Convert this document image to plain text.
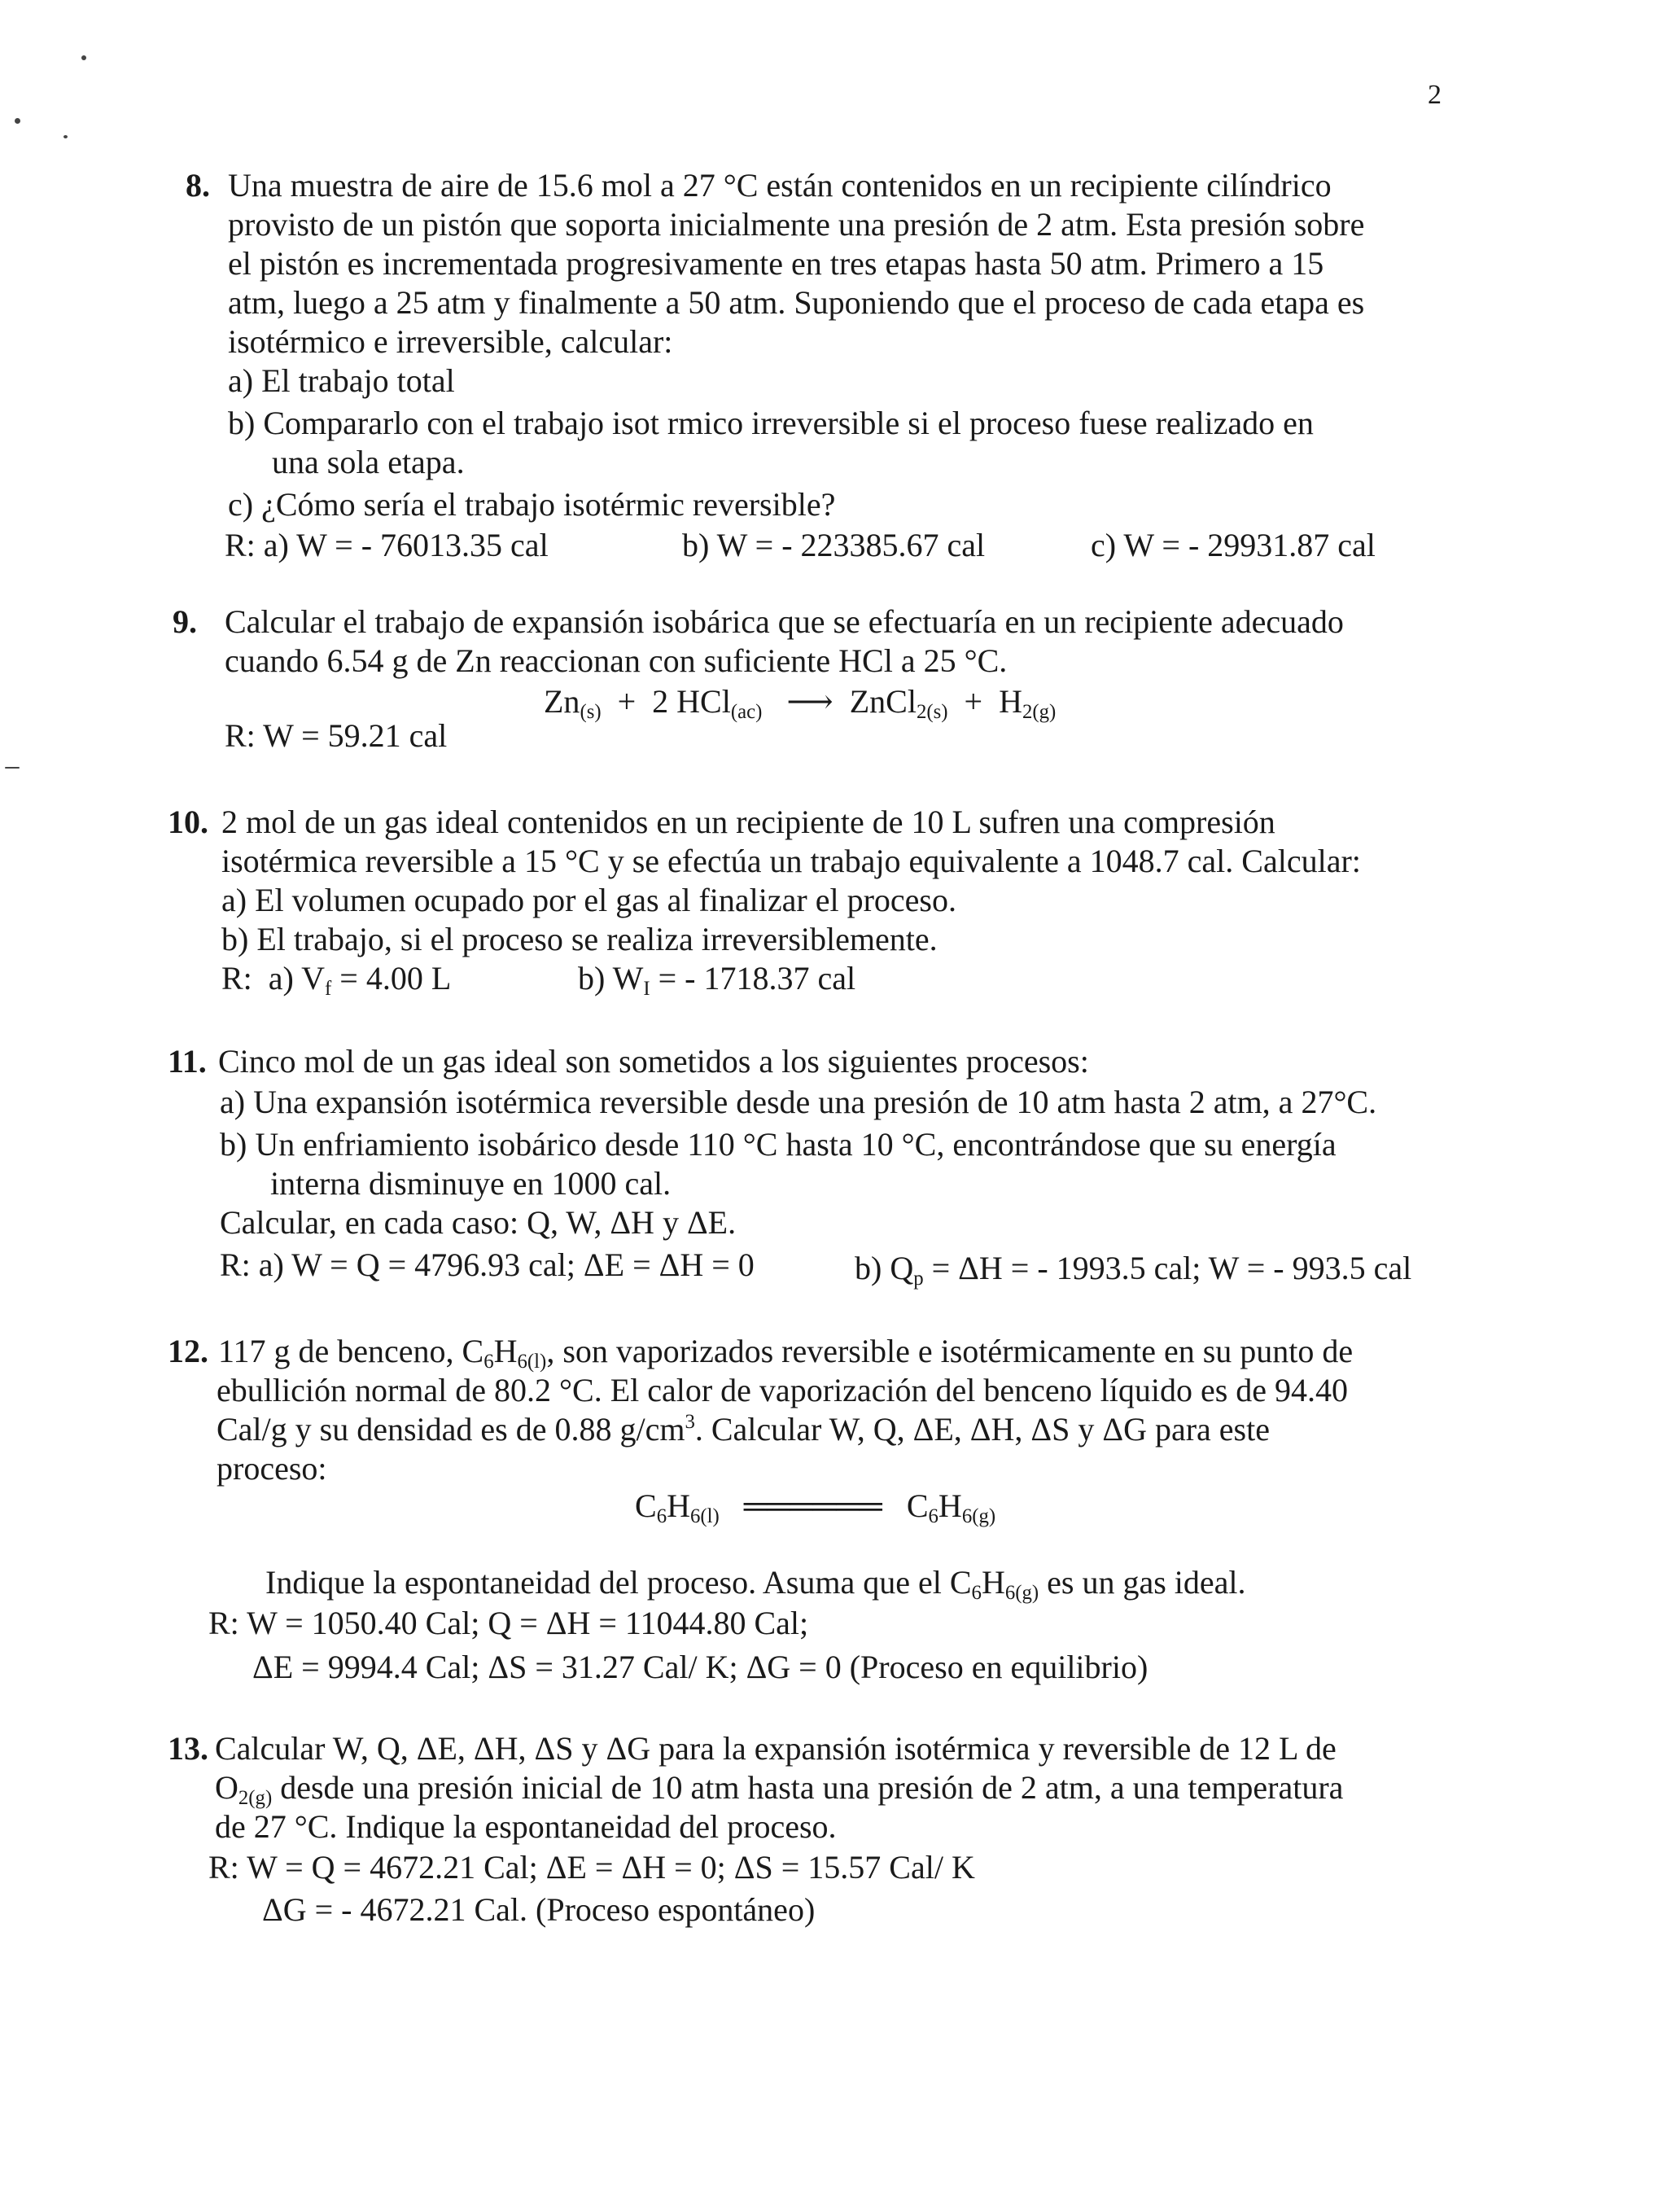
2
8. Una muestra de aire de 15.6 mol a 27 °C están contenidos en un recipiente cilíndrico
provisto de un pistón que soporta inicialmente una presión de 2 atm. Esta presión sobre
el pistón es incrementada progresivamente en tres etapas hasta 50 atm. Primero a 15
atm, luego a 25 atm y finalmente a 50 atm. Suponiendo que el proceso de cada etapa es
isotérmico e irreversible, calcular:
a) El trabajo total
b) Compararlo con el trabajo isot rmico irreversible si el proceso fuese realizado en
una sola etapa.
c) ¿Cómo sería el trabajo isotérmic reversible?
R: a) W = - 76013.35 cal	b) W = - 223385.67 cal	c) W = - 29931.87 cal
9. Calcular el trabajo de expansión isobárica que se efectuaría en un recipiente adecuado
cuando 6.54 g de Zn reaccionan con suficiente HCl a 25 °C.
$Zn_{(s)} + 2$ HCl$_{(ac)}$   ⟶  ZnCl$_{2(s)}$  +  $H_{2(g)}$
R: W = 59.21 cal
10. 2 mol de un gas ideal contenidos en un recipiente de 10 L sufren una compresión
isotérmica reversible a 15 °C y se efectúa un trabajo equivalente a 1048.7 cal. Calcular:
a) El volumen ocupado por el gas al finalizar el proceso.
b) El trabajo, si el proceso se realiza irreversiblemente.
R:  a) $V_f = 4.00$ L	b) $W_I$ = - 1718.37 cal
11. Cinco mol de un gas ideal son sometidos a los siguientes procesos:
a) Una expansión isotérmica reversible desde una presión de 10 atm hasta 2 atm, a 27°C.
b) Un enfriamiento isobárico desde 110 °C hasta 10 °C, encontrándose que su energía
interna disminuye en 1000 cal.
Calcular, en cada caso: Q, W, ΔH y ΔE.
R: a) W = Q = 4796.93 cal; ΔE = ΔH = 0	b) $Q_p = \Delta H$ = - 1993.5 cal; W = - 993.5 cal
12. 117 g de benceno, $C_6H_{6(l)}$, son vaporizados reversible e isotérmicamente en su punto de
ebullición normal de 80.2 °C. El calor de vaporización del benceno líquido es de 94.40
Cal/g y su densidad es de 0.88 $g/cm^3$. Calcular W, Q, ΔE, ΔH, ΔS y ΔG para este
proceso:
$C_6H_{6(l)}$   ══════   $C_6H_{6(g)}$
Indique la espontaneidad del proceso. Asuma que el $C_6H_{6(g)}$ es un gas ideal.
R: W = 1050.40 Cal; Q = ΔH = 11044.80 Cal;
ΔE = 9994.4 Cal; ΔS = 31.27 Cal/ K; ΔG = 0 (Proceso en equilibrio)
13. Calcular W, Q, ΔE, ΔH, ΔS y ΔG para la expansión isotérmica y reversible de 12 L de
$O_{2(g)}$ desde una presión inicial de 10 atm hasta una presión de 2 atm, a una temperatura
de 27 °C. Indique la espontaneidad del proceso.
R: W = Q = 4672.21 Cal; ΔE = ΔH = 0; ΔS = 15.57 Cal/ K
ΔG = - 4672.21 Cal. (Proceso espontáneo)
